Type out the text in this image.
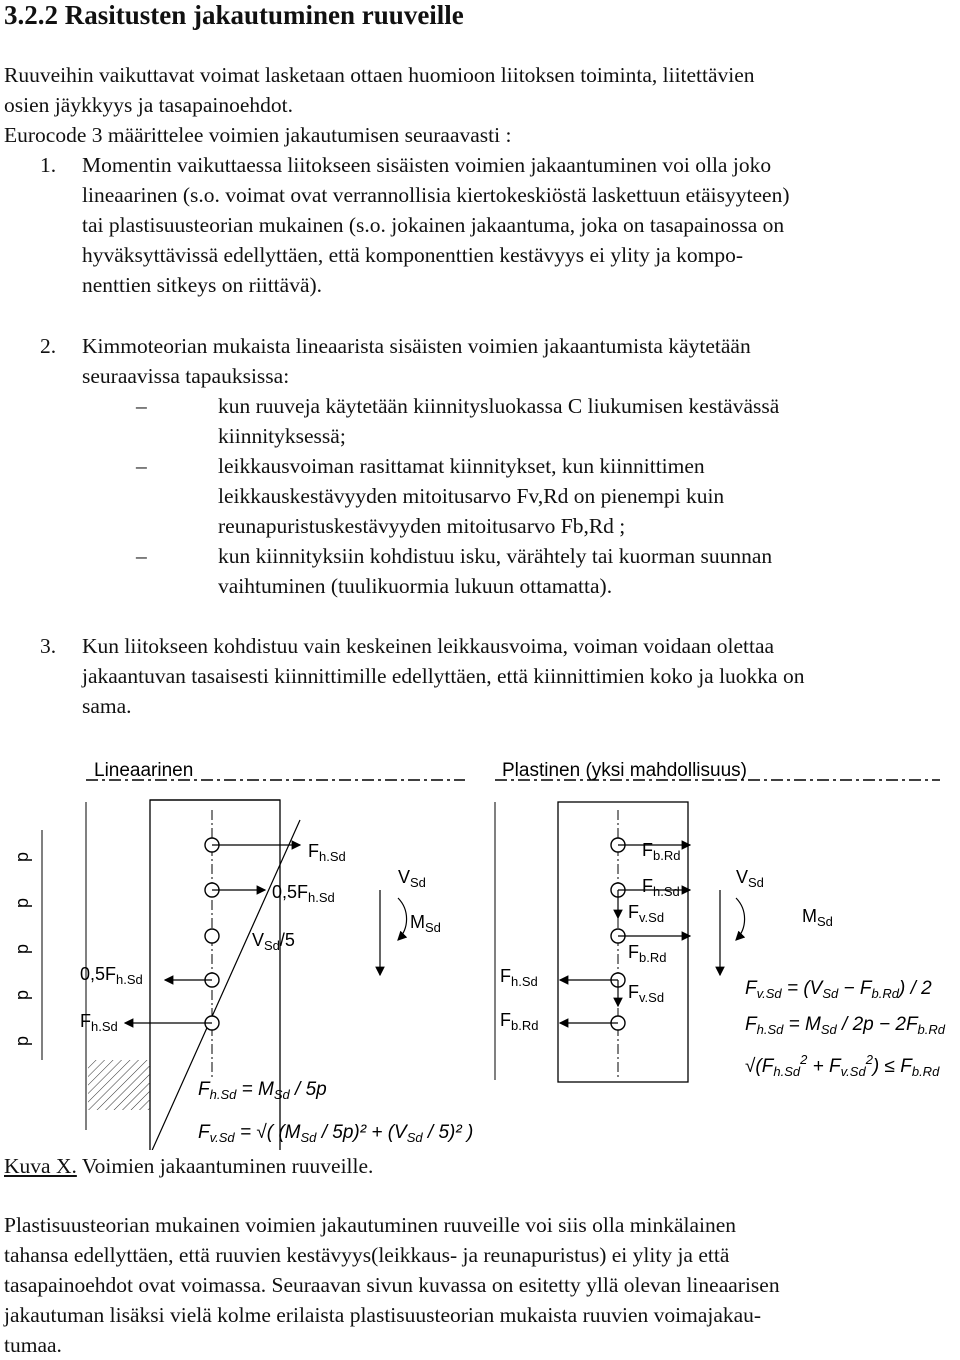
3.2.2 Rasitusten jakautuminen ruuveille
Ruuveihin vaikuttavat voimat lasketaan ottaen huomioon liitoksen toiminta, liitettävien
osien jäykkyys ja tasapainoehdot.
Eurocode 3 määrittelee voimien jakautumisen seuraavasti :
1. Momentin vaikuttaessa liitokseen sisäisten voimien jakaantuminen voi olla joko
lineaarinen (s.o. voimat ovat verrannollisia kiertokeskiöstä laskettuun etäisyyteen)
tai plastisuusteorian mukainen (s.o. jokainen jakaantuma, joka on tasapainossa on
hyväksyttävissä edellyttäen, että komponenttien kestävyys ei ylity ja kompo-
nenttien sitkeys on riittävä).
2. Kimmoteorian mukaista lineaarista sisäisten voimien jakaantumista käytetään
seuraavissa tapauksissa:
–	kun ruuveja käytetään kiinnitysluokassa C liukumisen kestävässä
kiinnityksessä;
–	leikkausvoiman rasittamat kiinnitykset, kun kiinnittimen
leikkauskestävyyden mitoitusarvo Fv,Rd on pienempi kuin
reunapuristuskestävyyden mitoitusarvo Fb,Rd ;
–	kun kiinnityksiin kohdistuu isku, värähtely tai kuorman suunnan
vaihtuminen (tuulikuormia lukuun ottamatta).
3. Kun liitokseen kohdistuu vain keskeinen leikkausvoima, voiman voidaan olettaa
jakaantuvan tasaisesti kiinnittimille edellyttäen, että kiinnittimien koko ja luokka on
sama.
Lineaarinen
p
p
p
p
p
$F_{h.Sd}$
$0,5F_{h.Sd}$
$V_{Sd}/5$
$0,5F_{h.Sd}$
$F_{h.Sd}$
$V_{Sd}$
$M_{Sd}$
$F_{h.Sd} = M_{Sd} / 5p$
$F_{v.Sd}$ = √( $(M_{Sd} / 5p)^2 + (V_{Sd} / 5)^2$ )
Plastinen (yksi mahdollisuus)
$F_{b.Rd}$
$F_{h.Sd}$
$F_{v.Sd}$
$F_{b.Rd}$
$F_{h.Sd}$
$F_{v.Sd}$
$F_{b.Rd}$
$V_{Sd}$
$M_{Sd}$
$F_{v.Sd} = (V_{Sd} - F_{b.Rd}) / 2$
$F_{h.Sd} = M_{Sd} / 2p - 2F_{b.Rd}$
$√(F_{h.Sd}^2 + F_{v.Sd}^2) \le F_{b.Rd}$
Kuva X. Voimien jakaantuminen ruuveille.
Plastisuusteorian mukainen voimien jakautuminen ruuveille voi siis olla minkälainen
tahansa edellyttäen, että ruuvien kestävyys(leikkaus- ja reunapuristus) ei ylity ja että
tasapainoehdot ovat voimassa. Seuraavan sivun kuvassa on esitetty yllä olevan lineaarisen
jakautuman lisäksi vielä kolme erilaista plastisuusteorian mukaista ruuvien voimajakau-
tumaa.
